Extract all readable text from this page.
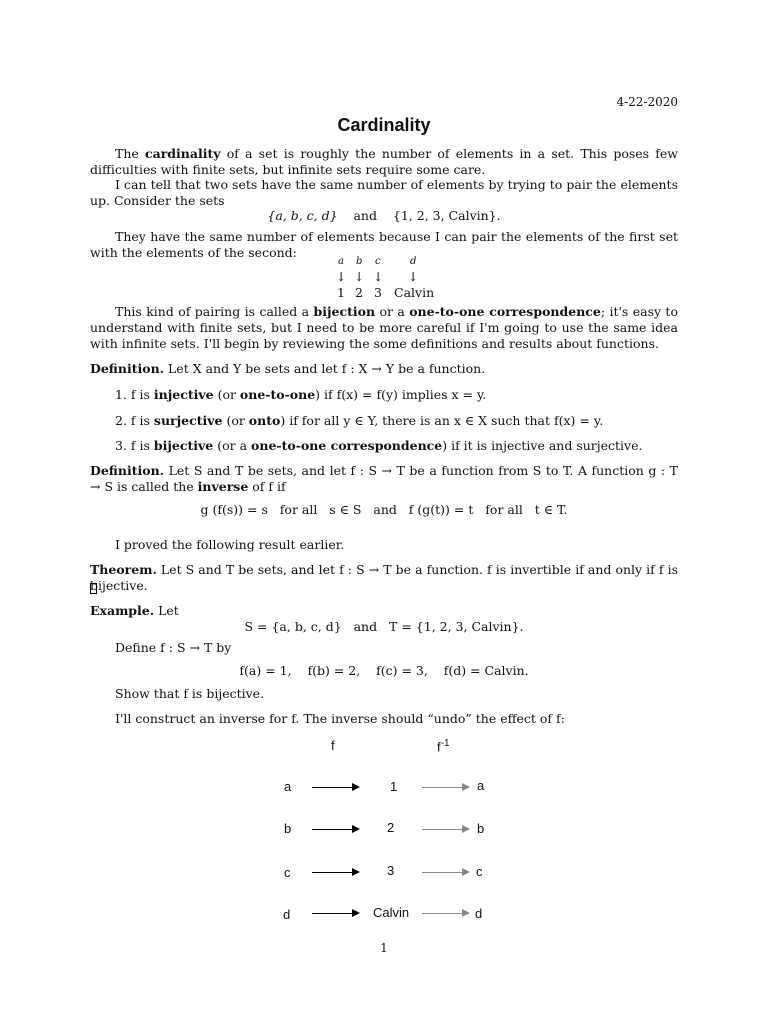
4-22-2020
Cardinality
The cardinality of a set is roughly the number of elements in a set. This poses few difficulties with finite sets, but infinite sets require some care.
I can tell that two sets have the same number of elements by trying to pair the elements up. Consider the sets
{a, b, c, d} and {1, 2, 3, Calvin}.
They have the same number of elements because I can pair the elements of the first set with the elements of the second:
a b c	d
↓ ↓ ↓ ↓
1 2 3 Calvin
This kind of pairing is called a bijection or a one-to-one correspondence; it's easy to understand with finite sets, but I need to be more careful if I'm going to use the same idea with infinite sets. I'll begin by reviewing the some definitions and results about functions.
Definition. Let X and Y be sets and let f : X → Y be a function.
1. f is injective (or one-to-one) if f(x) = f(y) implies x = y.
2. f is surjective (or onto) if for all y ∈ Y, there is an x ∈ X such that f(x) = y.
3. f is bijective (or a one-to-one correspondence) if it is injective and surjective.
Definition. Let S and T be sets, and let f : S → T be a function from S to T. A function g : T → S is called the inverse of f if
g (f(s)) = s   for all   s ∈ S   and   f (g(t)) = t   for all   t ∈ T.
I proved the following result earlier.
Theorem. Let S and T be sets, and let f : S → T be a function. f is invertible if and only if f is bijective.
Example. Let
S = {a, b, c, d}   and   T = {1, 2, 3, Calvin}.
Define f : S → T by
f(a) = 1,    f(b) = 2,    f(c) = 3,    f(d) = Calvin.
Show that f is bijective.
I'll construct an inverse for f. The inverse should “undo” the effect of f:
f	$f^{-1}$
a	1	a
b	2	b
c	3	c
d	Calvin	d
1
